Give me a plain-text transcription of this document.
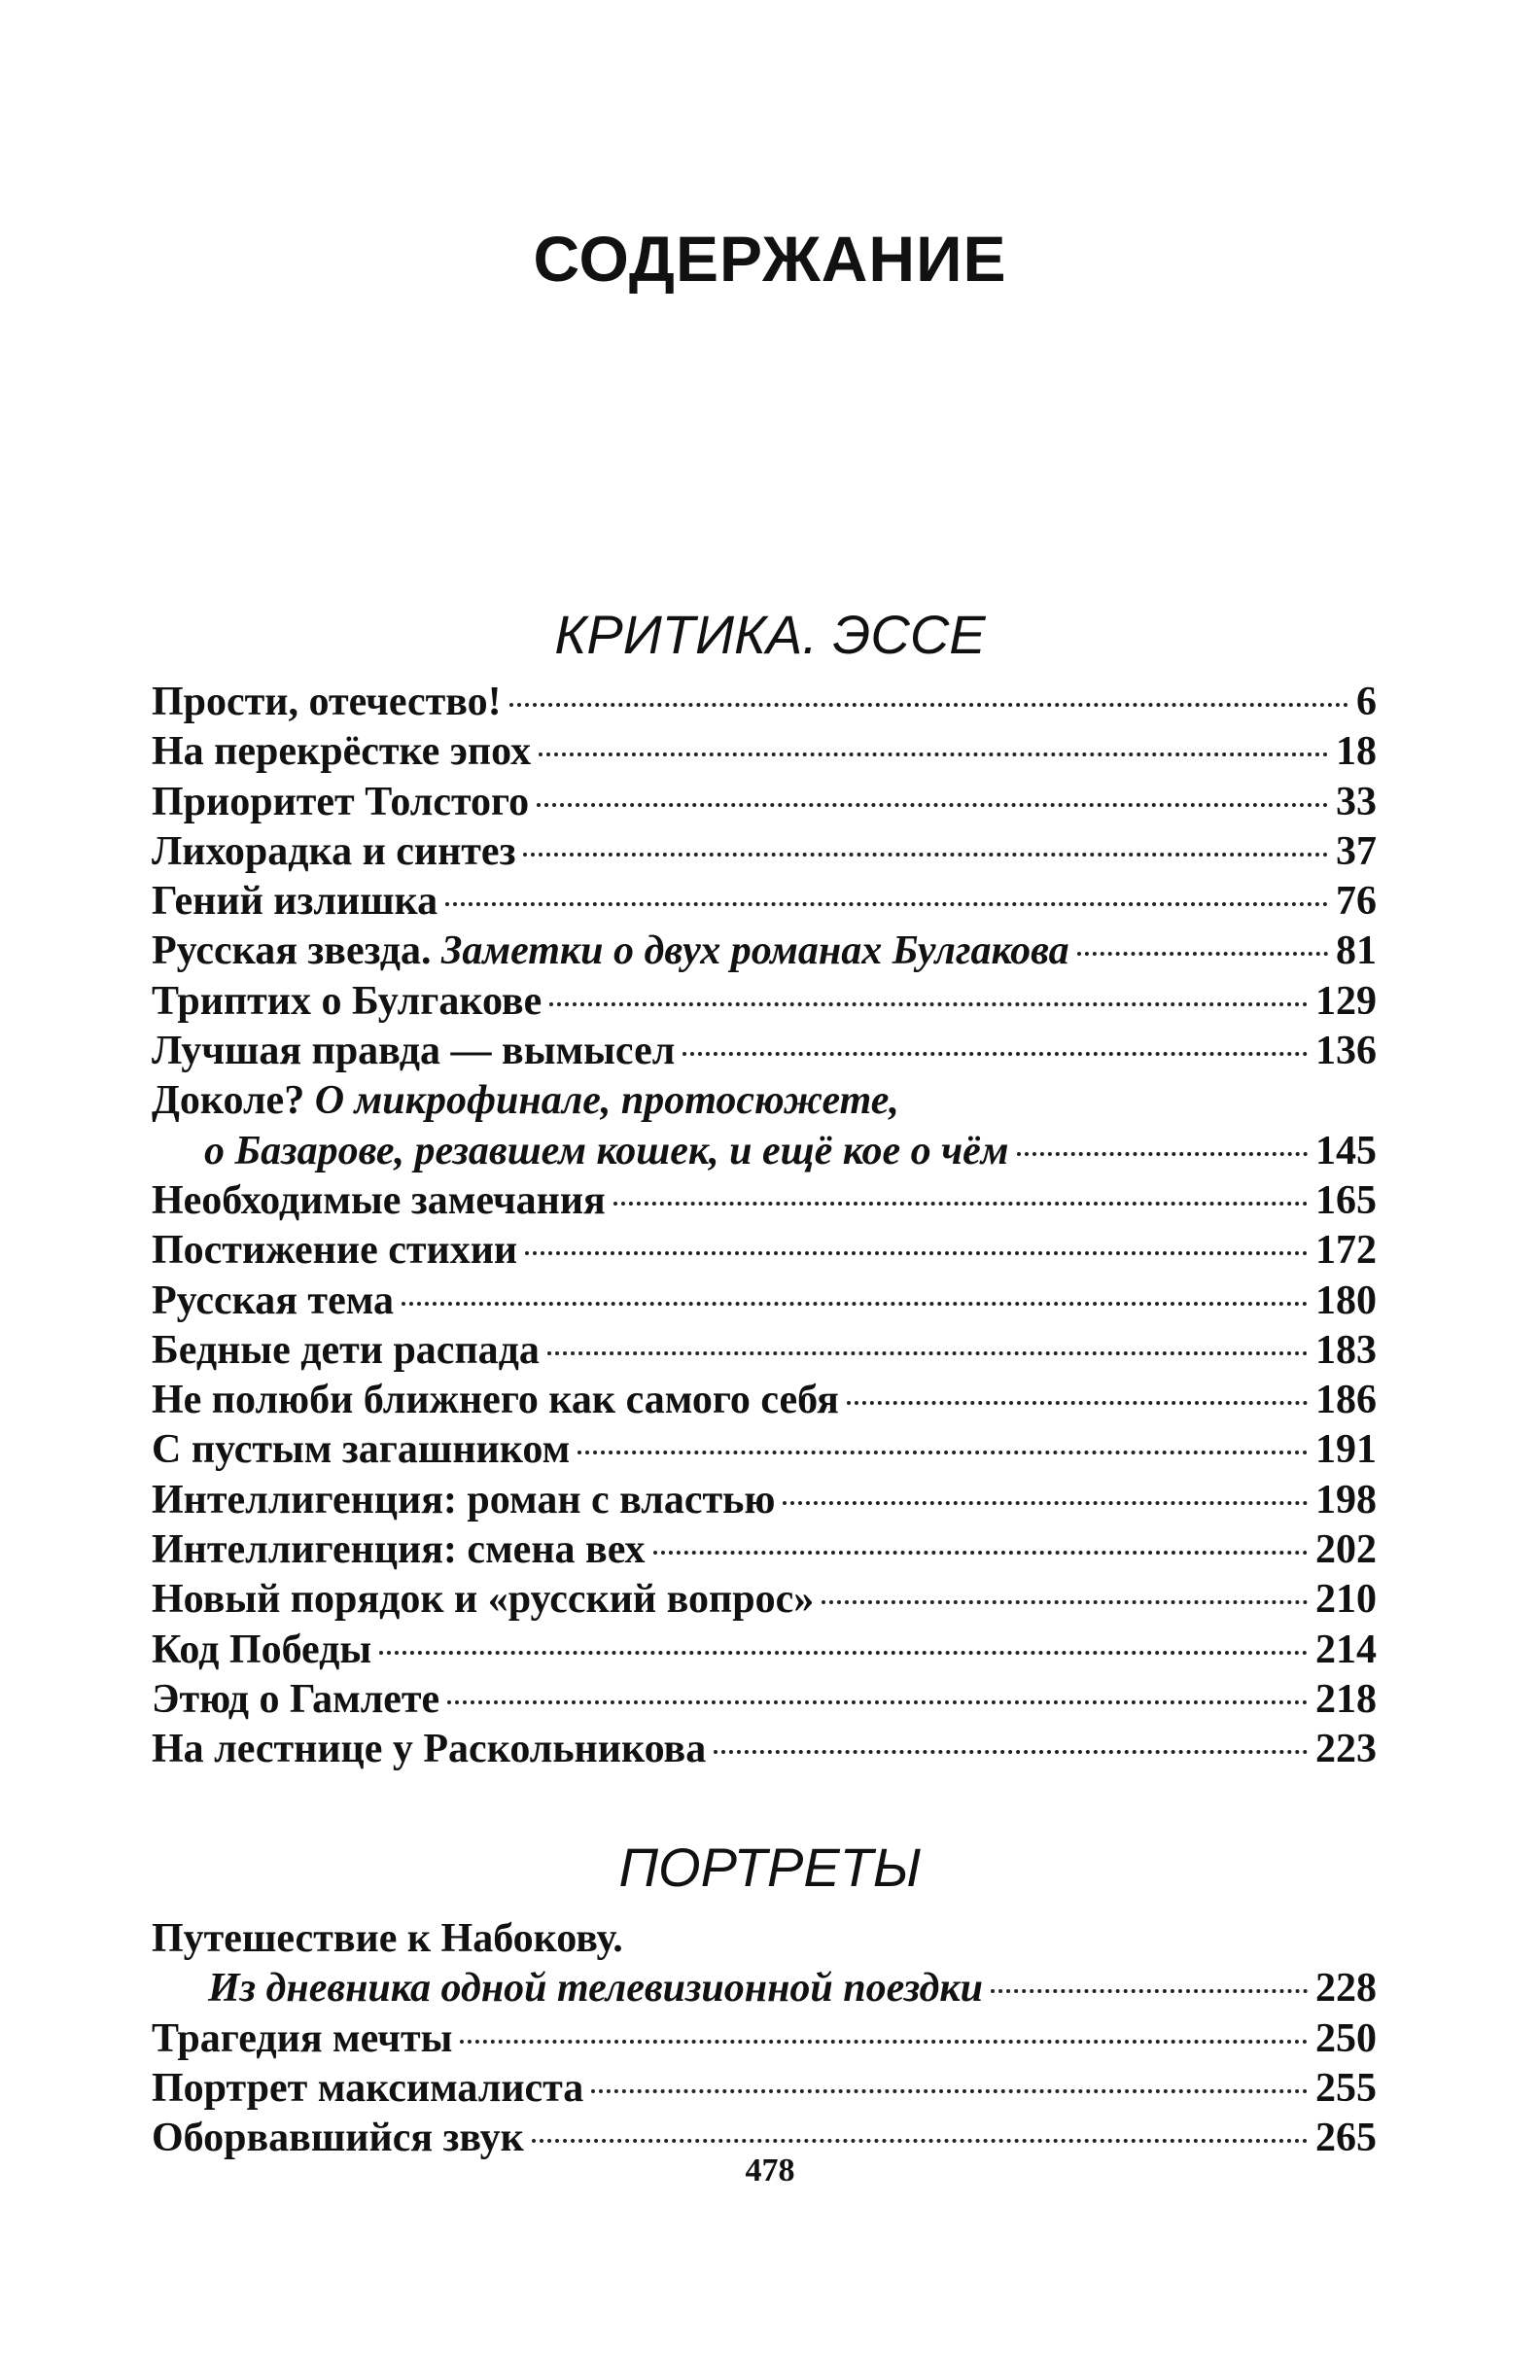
СОДЕРЖАНИЕ
КРИТИКА. ЭССЕ
Прости, отечество!	6
На перекрёстке эпох	18
Приоритет Толстого	33
Лихорадка и синтез	37
Гений излишка	76
Русская звезда. Заметки о двух романах Булгакова	81
Триптих о Булгакове	129
Лучшая правда — вымысел	136
Доколе? О микрофинале, протосюжете,
о Базарове, резавшем кошек, и ещё кое о чём	145
Необходимые замечания	165
Постижение стихии	172
Русская тема	180
Бедные дети распада	183
Не полюби ближнего как самого себя	186
С пустым загашником	191
Интеллигенция: роман с властью	198
Интеллигенция: смена вех	202
Новый порядок и «русский вопрос»	210
Код Победы	214
Этюд о Гамлете	218
На лестнице у Раскольникова	223
ПОРТРЕТЫ
Путешествие к Набокову.
Из дневника одной телевизионной поездки	228
Трагедия мечты	250
Портрет максималиста	255
Оборвавшийся звук	265
478
